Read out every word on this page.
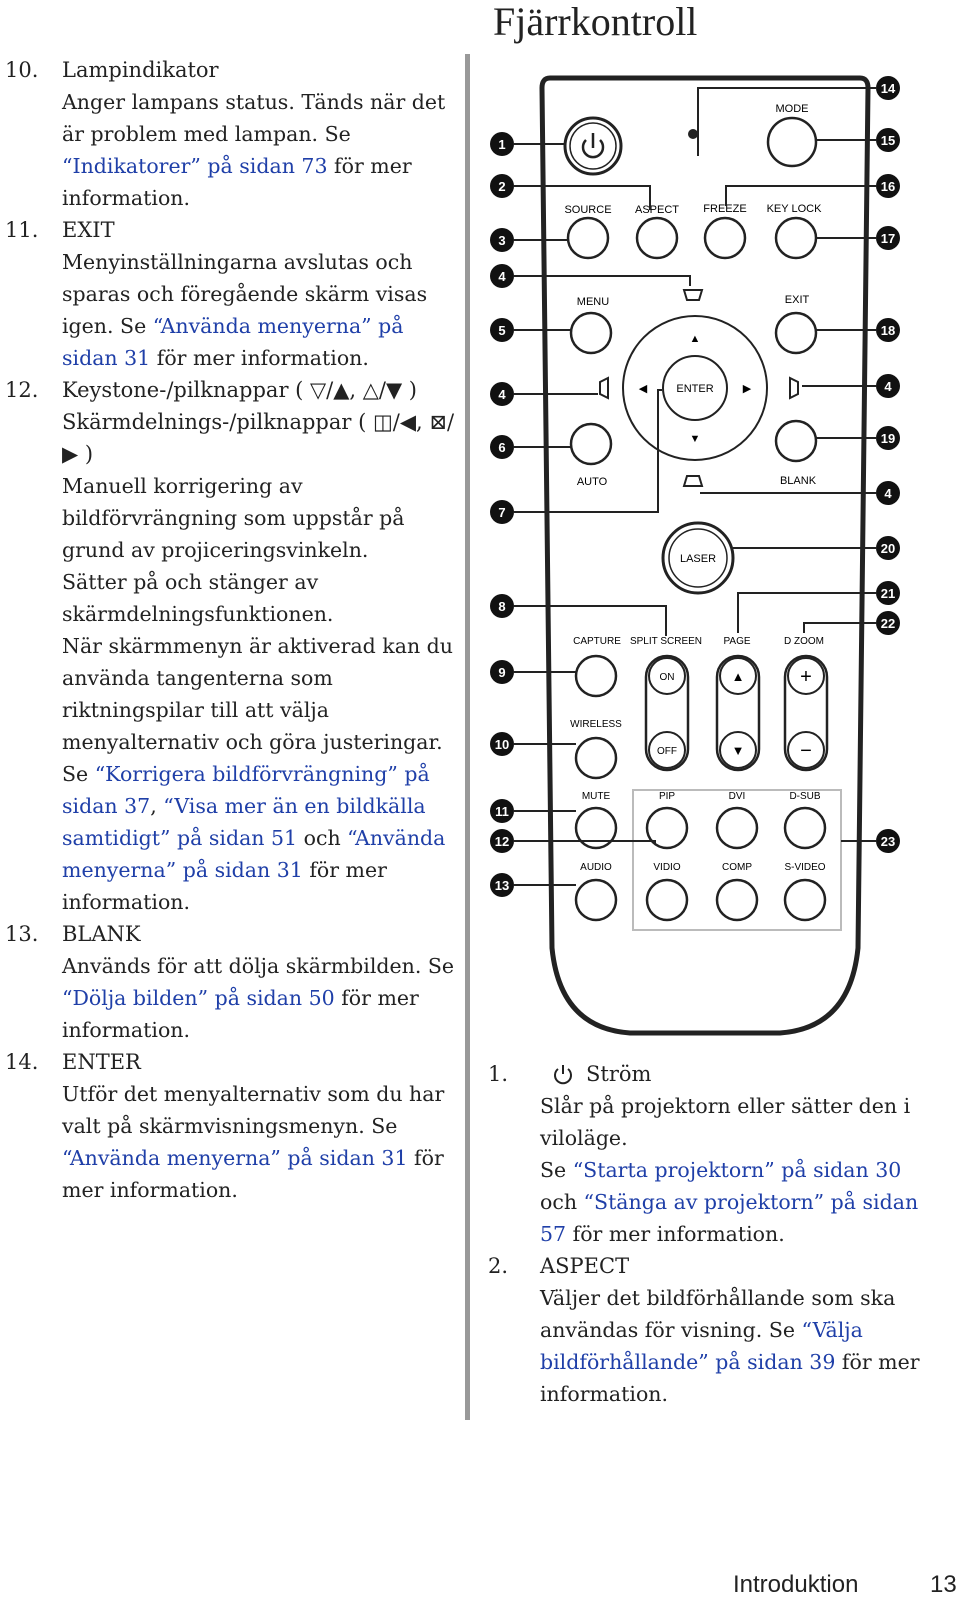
Fjärrkontroll
10. Lampindikator
Anger lampans status. Tänds när det är problem med lampan. Se “Indikatorer” på sidan 73 för mer information.
11. EXIT
Menyinställningarna avslutas och sparas och föregående skärm visas igen. Se “Använda menyerna” på sidan 31 för mer information.
12. Keystone-/pilknappar ( ▽/▲, △/▼ ) Skärmdelnings-/pilknappar ( ◫/◀, ⊠/▶ )
Manuell korrigering av bildförvrängning som uppstår på grund av projiceringsvinkeln.
Sätter på och stänger av skärmdelningsfunktionen.
När skärmmenyn är aktiverad kan du använda tangenterna som riktningspilar till att välja menyalternativ och göra justeringar. Se “Korrigera bildförvrängning” på sidan 37, “Visa mer än en bildkälla samtidigt” på sidan 51 och “Använda menyerna” på sidan 31 för mer information.
13. BLANK
Används för att dölja skärmbilden. Se “Dölja bilden” på sidan 50 för mer information.
14. ENTER
Utför det menyalternativ som du har valt på skärmvisningsmenyn. Se “Använda menyerna” på sidan 31 för mer information.
MODE
SOURCE ASPECT FREEZE KEY LOCK
MENU	EXIT
ENTER
▲
▼
◀	▶
AUTO	BLANK
LASER
CAPTURE SPLIT SCREEN PAGE	D ZOOM
ON
OFF
▲
▼
+
−
WIRELESS
MUTE	PIP	DVI	D-SUB
AUDIO	VIDIO	COMP	S-VIDEO
1
2
3
4
5
4
6
7
8
9
10
11
12
13
14
15
16
17
18
4
19
4
20
21
22
23
1.	Ström
Slår på projektorn eller sätter den i viloläge.
Se “Starta projektorn” på sidan 30 och “Stänga av projektorn” på sidan 57 för mer information.
2. ASPECT
Väljer det bildförhållande som ska användas för visning. Se “Välja bildförhållande” på sidan 39 för mer information.
Introduktion	13
